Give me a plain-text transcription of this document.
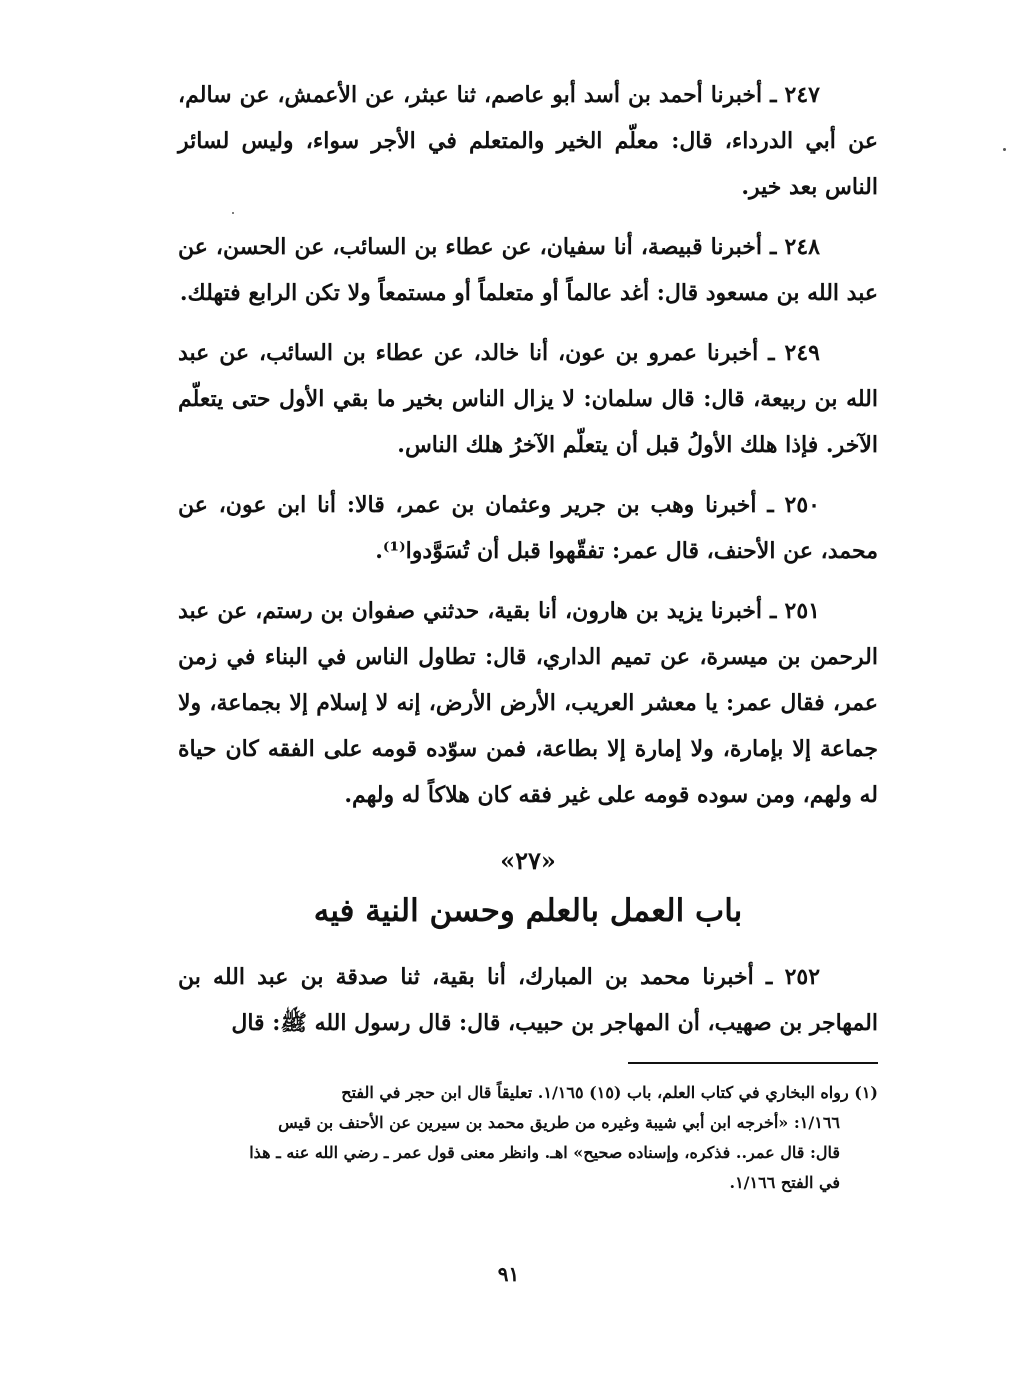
٢٤٧ ـ أخبرنا أحمد بن أسد أبو عاصم، ثنا عبثر، عن الأعمش، عن سالم، عن أبي الدرداء، قال: معلّم الخير والمتعلم في الأجر سواء، وليس لسائر الناس بعد خير.

٢٤٨ ـ أخبرنا قبيصة، أنا سفيان، عن عطاء بن السائب، عن الحسن، عن عبد الله بن مسعود قال: أغد عالماً أو متعلماً أو مستمعاً ولا تكن الرابع فتهلك.

٢٤٩ ـ أخبرنا عمرو بن عون، أنا خالد، عن عطاء بن السائب، عن عبد الله بن ربيعة، قال: قال سلمان: لا يزال الناس بخير ما بقي الأول حتى يتعلّم الآخر. فإذا هلك الأولُ قبل أن يتعلّم الآخرُ هلك الناس.

٢٥٠ ـ أخبرنا وهب بن جرير وعثمان بن عمر، قالا: أنا ابن عون، عن محمد، عن الأحنف، قال عمر: تفقّهوا قبل أن تُسَوَّدوا⁽¹⁾.

٢٥١ ـ أخبرنا يزيد بن هارون، أنا بقية، حدثني صفوان بن رستم، عن عبد الرحمن بن ميسرة، عن تميم الداري، قال: تطاول الناس في البناء في زمن عمر، فقال عمر: يا معشر العريب، الأرض الأرض، إنه لا إسلام إلا بجماعة، ولا جماعة إلا بإمارة، ولا إمارة إلا بطاعة، فمن سوّده قومه على الفقه كان حياة له ولهم، ومن سوده قومه على غير فقه كان هلاكاً له ولهم.

«٢٧»
باب العمل بالعلم وحسن النية فيه

٢٥٢ ـ أخبرنا محمد بن المبارك، أنا بقية، ثنا صدقة بن عبد الله بن المهاجر بن صهيب، أن المهاجر بن حبيب، قال: قال رسول الله ﷺ: قال

(١) رواه البخاري في كتاب العلم، باب (١٥) ١/١٦٥. تعليقاً قال ابن حجر في الفتح
١/١٦٦: «أخرجه ابن أبي شيبة وغيره من طريق محمد بن سيرين عن الأحنف بن قيس
قال: قال عمر.. فذكره، وإسناده صحيح» اهـ. وانظر معنى قول عمر ـ رضي الله عنه ـ هذا
في الفتح ١/١٦٦.
٩١
